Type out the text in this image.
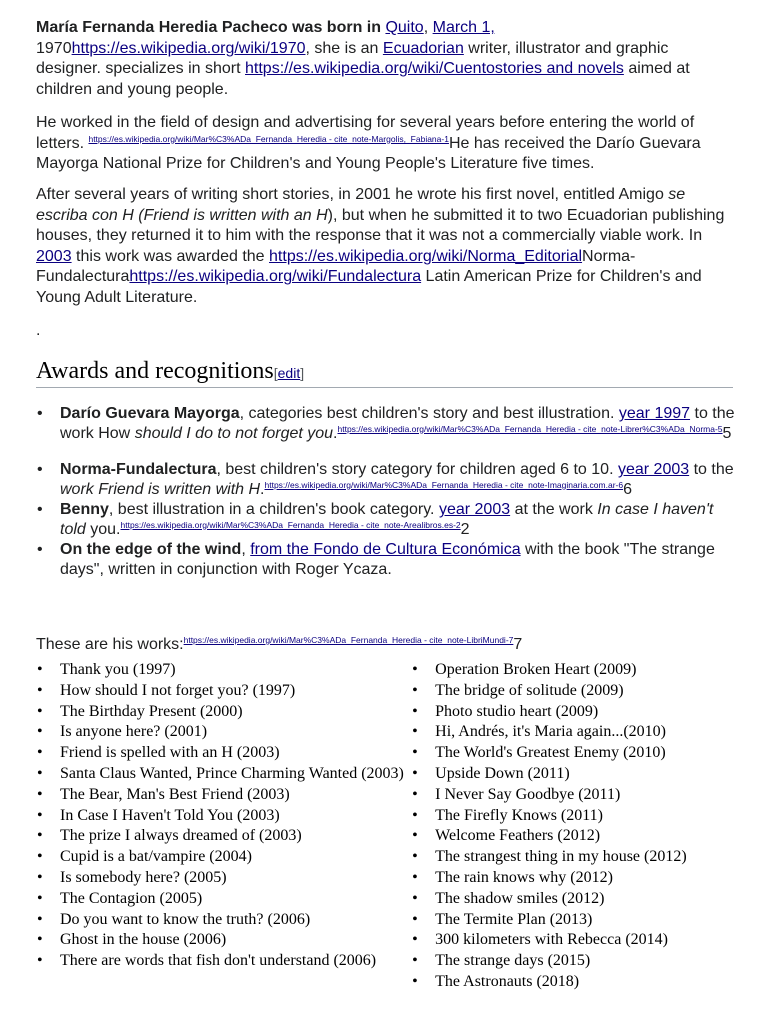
María Fernanda Heredia Pacheco was born in Quito, March 1,
1970https://es.wikipedia.org/wiki/1970, she is an Ecuadorian writer, illustrator and graphic designer. specializes in short https://es.wikipedia.org/wiki/Cuentostories and novels aimed at children and young people.

He worked in the field of design and advertising for several years before entering the world of letters. $^{https://es.wikipedia.org/wiki/Mar\%C3\%ADa\_Fernanda\_Heredia - cite\_note-Margolis,\_Fabiana-1}$He has received the Darío Guevara Mayorga National Prize for Children's and Young People's Literature five times.

After several years of writing short stories, in 2001 he wrote his first novel, entitled Amigo se escriba con H (Friend is written with an H), but when he submitted it to two Ecuadorian publishing houses, they returned it to him with the response that it was not a commercially viable work. In 2003 this work was awarded the https://es.wikipedia.org/wiki/Norma_EditorialNorma-Fundalecturahttps://es.wikipedia.org/wiki/Fundalectura Latin American Prize for Children's and Young Adult Literature.

.
Awards and recognitions[edit]
• Darío Guevara Mayorga, categories best children's story and best illustration. year 1997 to the work How should I do to not forget you.$^{https://es.wikipedia.org/wiki/Mar\%C3\%ADa\_Fernanda\_Heredia - cite\_note-Librer\%C3\%ADa\_Norma-5}$5
• Norma-Fundalectura, best children's story category for children aged 6 to 10. year 2003 to the work Friend is written with H.$^{https://es.wikipedia.org/wiki/Mar\%C3\%ADa\_Fernanda\_Heredia - cite\_note-Imaginaria.com.ar-6}$6
• Benny, best illustration in a children's book category. year 2003 at the work In case I haven't told you.$^{https://es.wikipedia.org/wiki/Mar\%C3\%ADa\_Fernanda\_Heredia - cite\_note-Arealibros.es-2}$2
• On the edge of the wind, from the Fondo de Cultura Económica with the book "The strange days", written in conjunction with Roger Ycaza.
These are his works:$^{https://es.wikipedia.org/wiki/Mar\%C3\%ADa\_Fernanda\_Heredia - cite\_note-LibriMundi-7}$7
• Thank you (1997)
• How should I not forget you? (1997)
• The Birthday Present (2000)
• Is anyone here? (2001)
• Friend is spelled with an H (2003)
• Santa Claus Wanted, Prince Charming Wanted (2003)
• The Bear, Man's Best Friend (2003)
• In Case I Haven't Told You (2003)
• The prize I always dreamed of (2003)
• Cupid is a bat/vampire (2004)
• Is somebody here? (2005)
• The Contagion (2005)
• Do you want to know the truth? (2006)
• Ghost in the house (2006)
• There are words that fish don't understand (2006)
• Operation Broken Heart (2009)
• The bridge of solitude (2009)
• Photo studio heart (2009)
• Hi, Andrés, it's Maria again...(2010)
• The World's Greatest Enemy (2010)
• Upside Down (2011)
• I Never Say Goodbye (2011)
• The Firefly Knows (2011)
• Welcome Feathers (2012)
• The strangest thing in my house (2012)
• The rain knows why (2012)
• The shadow smiles (2012)
• The Termite Plan (2013)
• 300 kilometers with Rebecca (2014)
• The strange days (2015)
• The Astronauts (2018)
